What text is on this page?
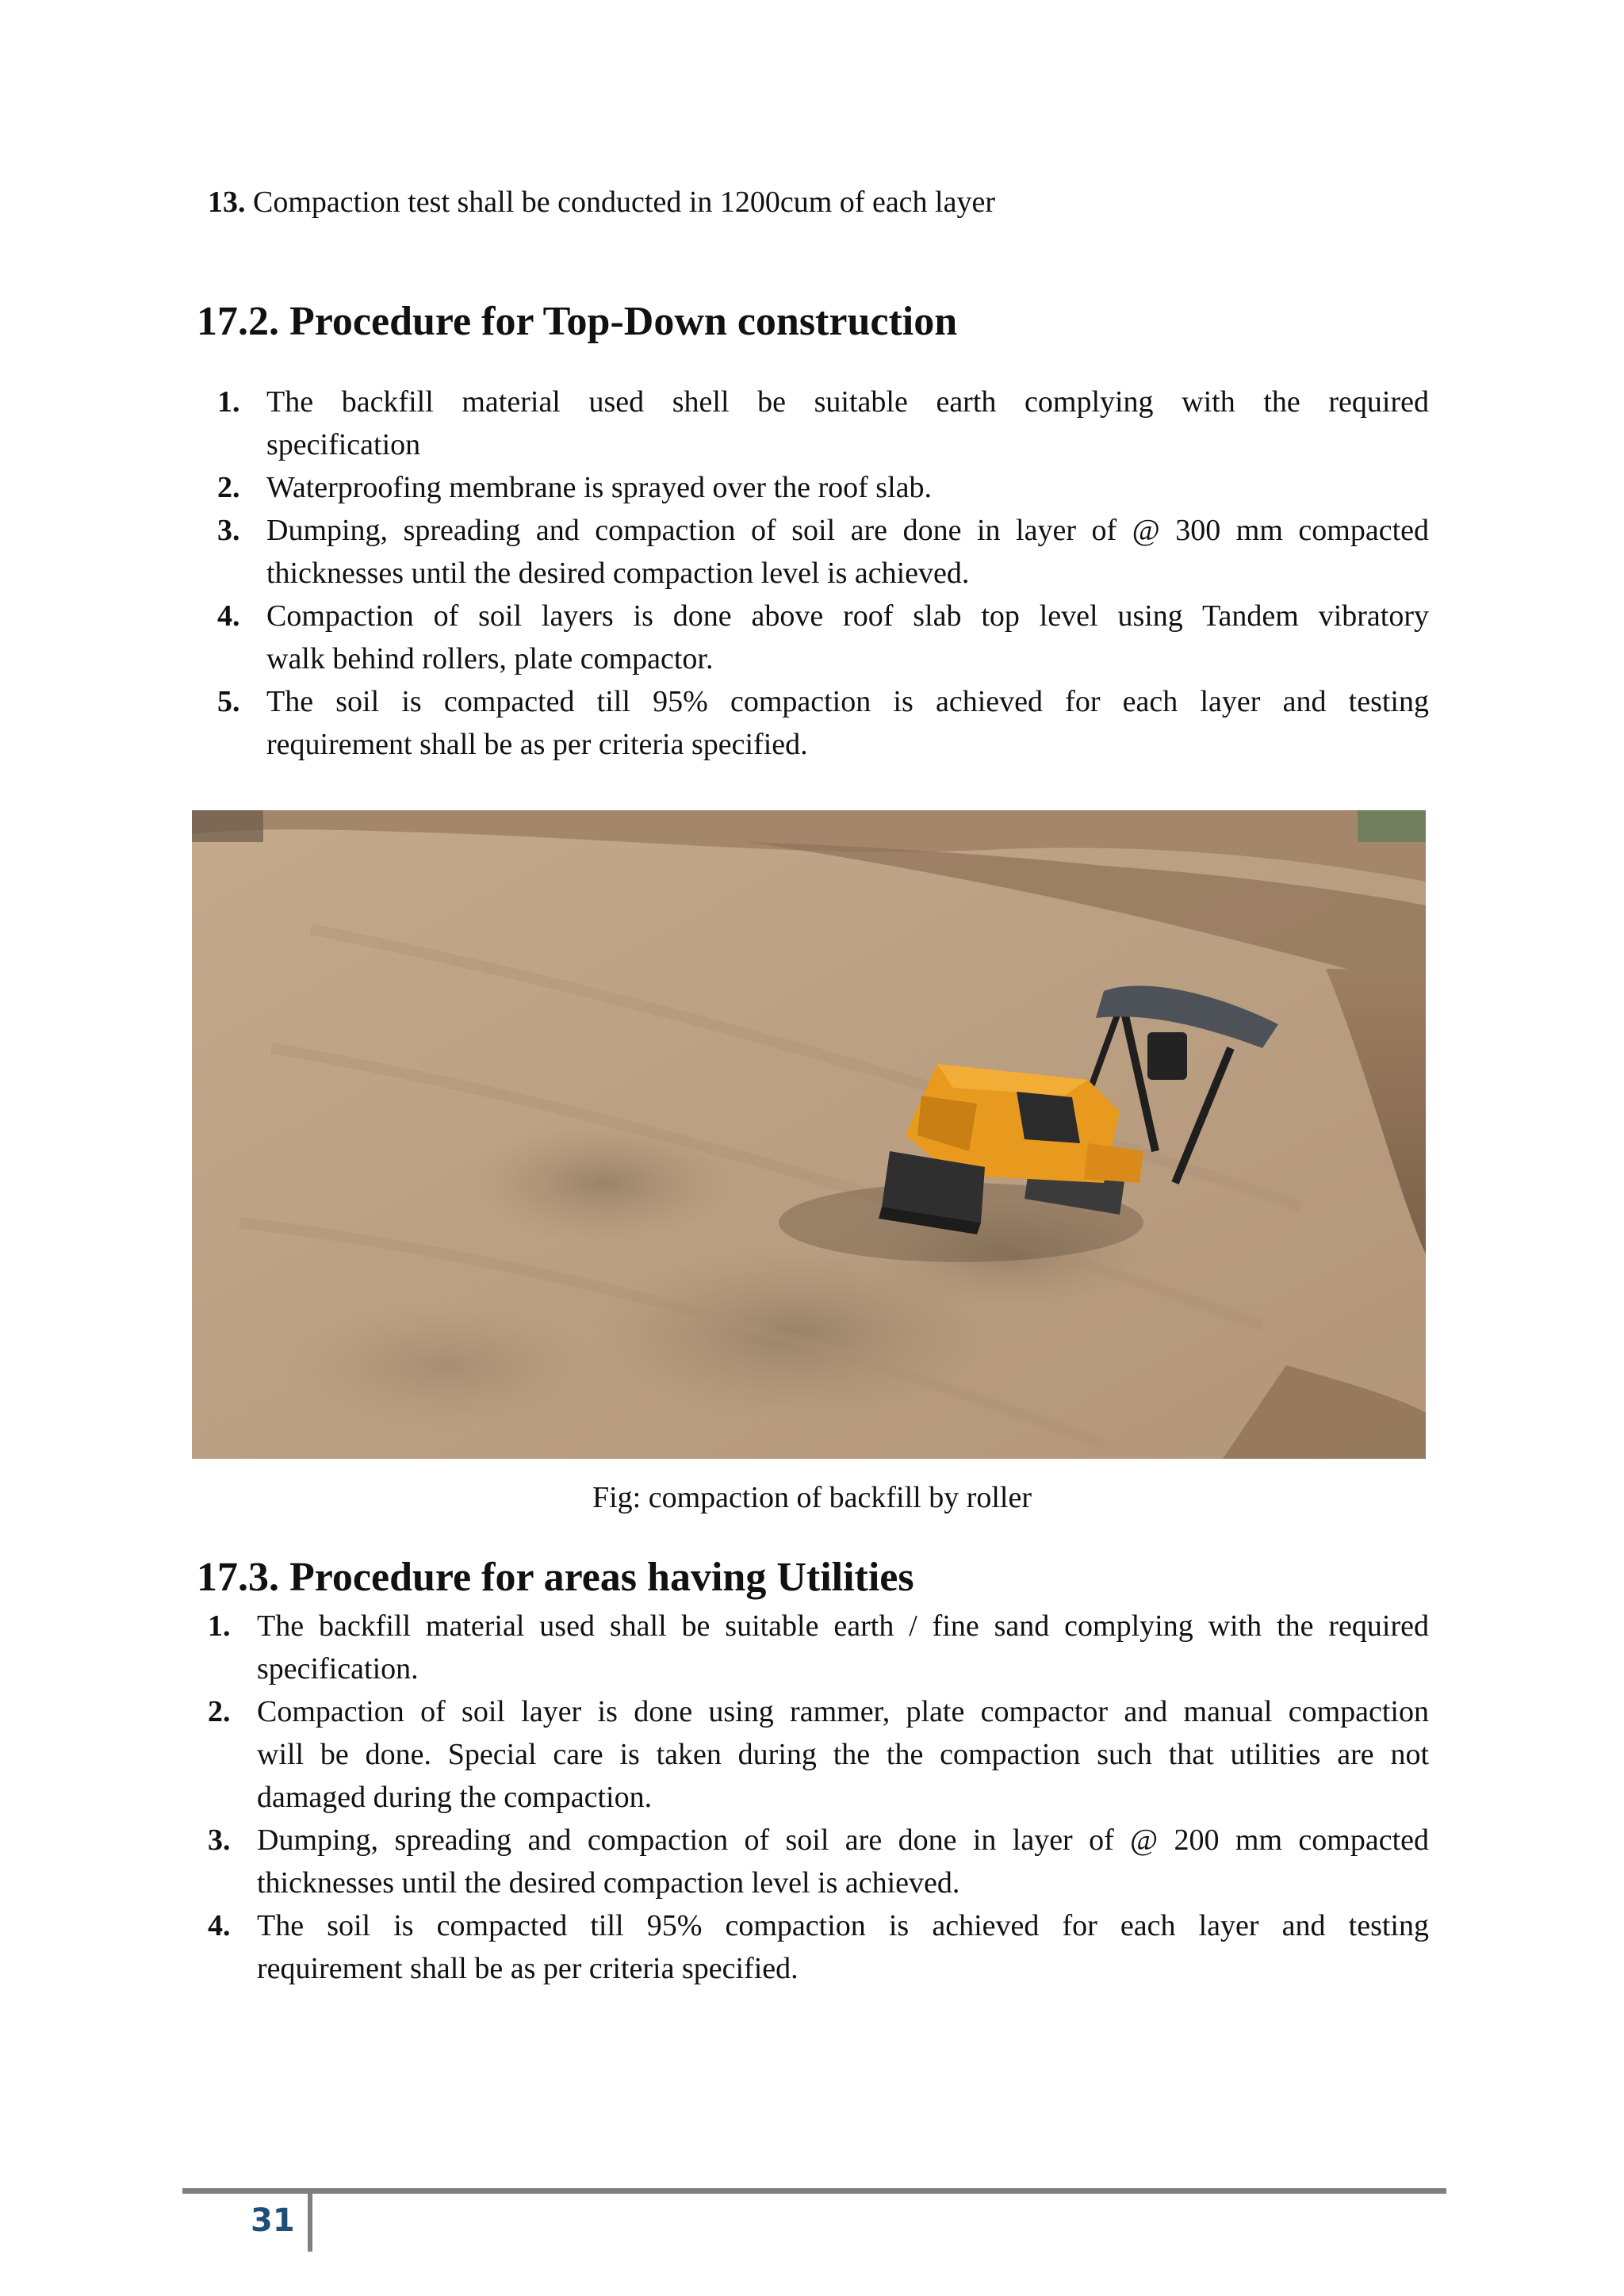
13. Compaction test shall be conducted in 1200cum of each layer
17.2. Procedure for Top-Down construction
1. The backfill material used shell be suitable earth complying with the required
specification
2. Waterproofing membrane is sprayed over the roof slab.
3. Dumping, spreading and compaction of soil are done in layer of @ 300 mm compacted
thicknesses until the desired compaction level is achieved.
4. Compaction of soil layers is done above roof slab top level using Tandem vibratory
walk behind rollers, plate compactor.
5. The soil is compacted till 95% compaction is achieved for each layer and testing
requirement shall be as per criteria specified.
Fig: compaction of backfill by roller
17.3. Procedure for areas having Utilities
1. The backfill material used shall be suitable earth / fine sand complying with the required
specification.
2. Compaction of soil layer is done using rammer, plate compactor and manual compaction
will be done. Special care is taken during the the compaction such that utilities are not
damaged during the compaction.
3. Dumping, spreading and compaction of soil are done in layer of @ 200 mm compacted
thicknesses until the desired compaction level is achieved.
4. The soil is compacted till 95% compaction is achieved for each layer and testing
requirement shall be as per criteria specified.
31
